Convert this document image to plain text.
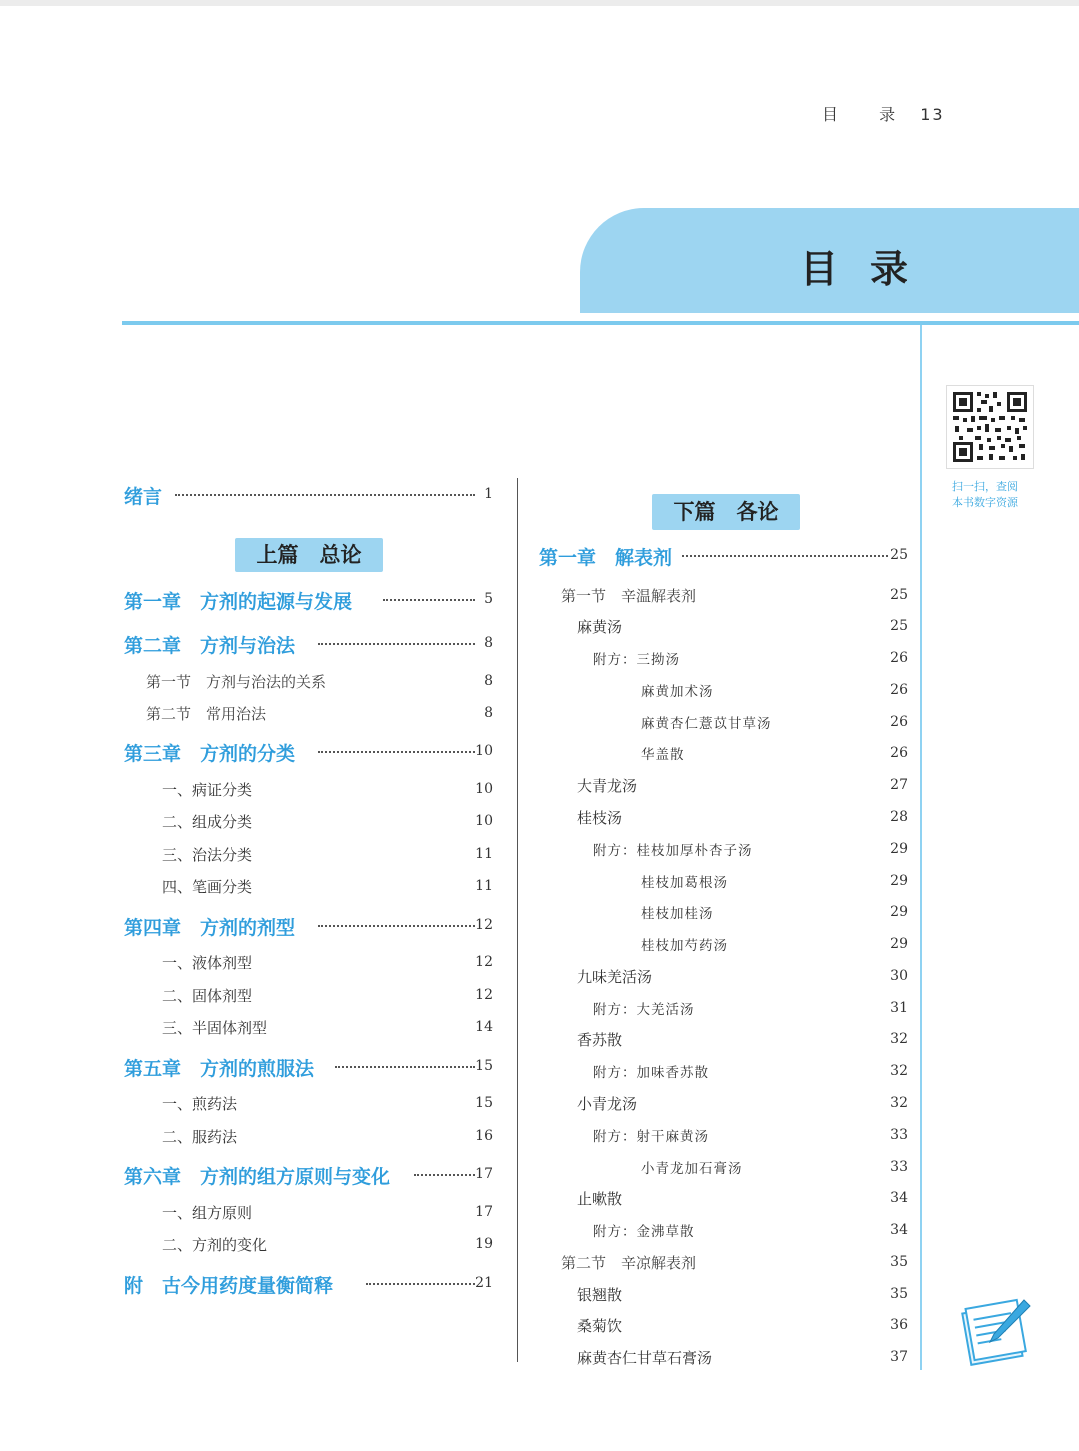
目 录 13
目录
扫一扫，查阅
本书数字资源
绪言	1
上篇　总论
第一章　方剂的起源与发展	5
第二章　方剂与治法	8
第一节　方剂与治法的关系	8
第二节　常用治法	8
第三章　方剂的分类	10
一、病证分类	10
二、组成分类	10
三、治法分类	11
四、笔画分类	11
第四章　方剂的剂型	12
一、液体剂型	12
二、固体剂型	12
三、半固体剂型	14
第五章　方剂的煎服法	15
一、煎药法	15
二、服药法	16
第六章　方剂的组方原则与变化	17
一、组方原则	17
二、方剂的变化	19
附　古今用药度量衡简释	21
下篇　各论
第一章　解表剂	25
第一节　辛温解表剂	25
麻黄汤	25
附方：三拗汤	26
麻黄加术汤	26
麻黄杏仁薏苡甘草汤	26
华盖散	26
大青龙汤	27
桂枝汤	28
附方：桂枝加厚朴杏子汤	29
桂枝加葛根汤	29
桂枝加桂汤	29
桂枝加芍药汤	29
九味羌活汤	30
附方：大羌活汤	31
香苏散	32
附方：加味香苏散	32
小青龙汤	32
附方：射干麻黄汤	33
小青龙加石膏汤	33
止嗽散	34
附方：金沸草散	34
第二节　辛凉解表剂	35
银翘散	35
桑菊饮	36
麻黄杏仁甘草石膏汤	37
